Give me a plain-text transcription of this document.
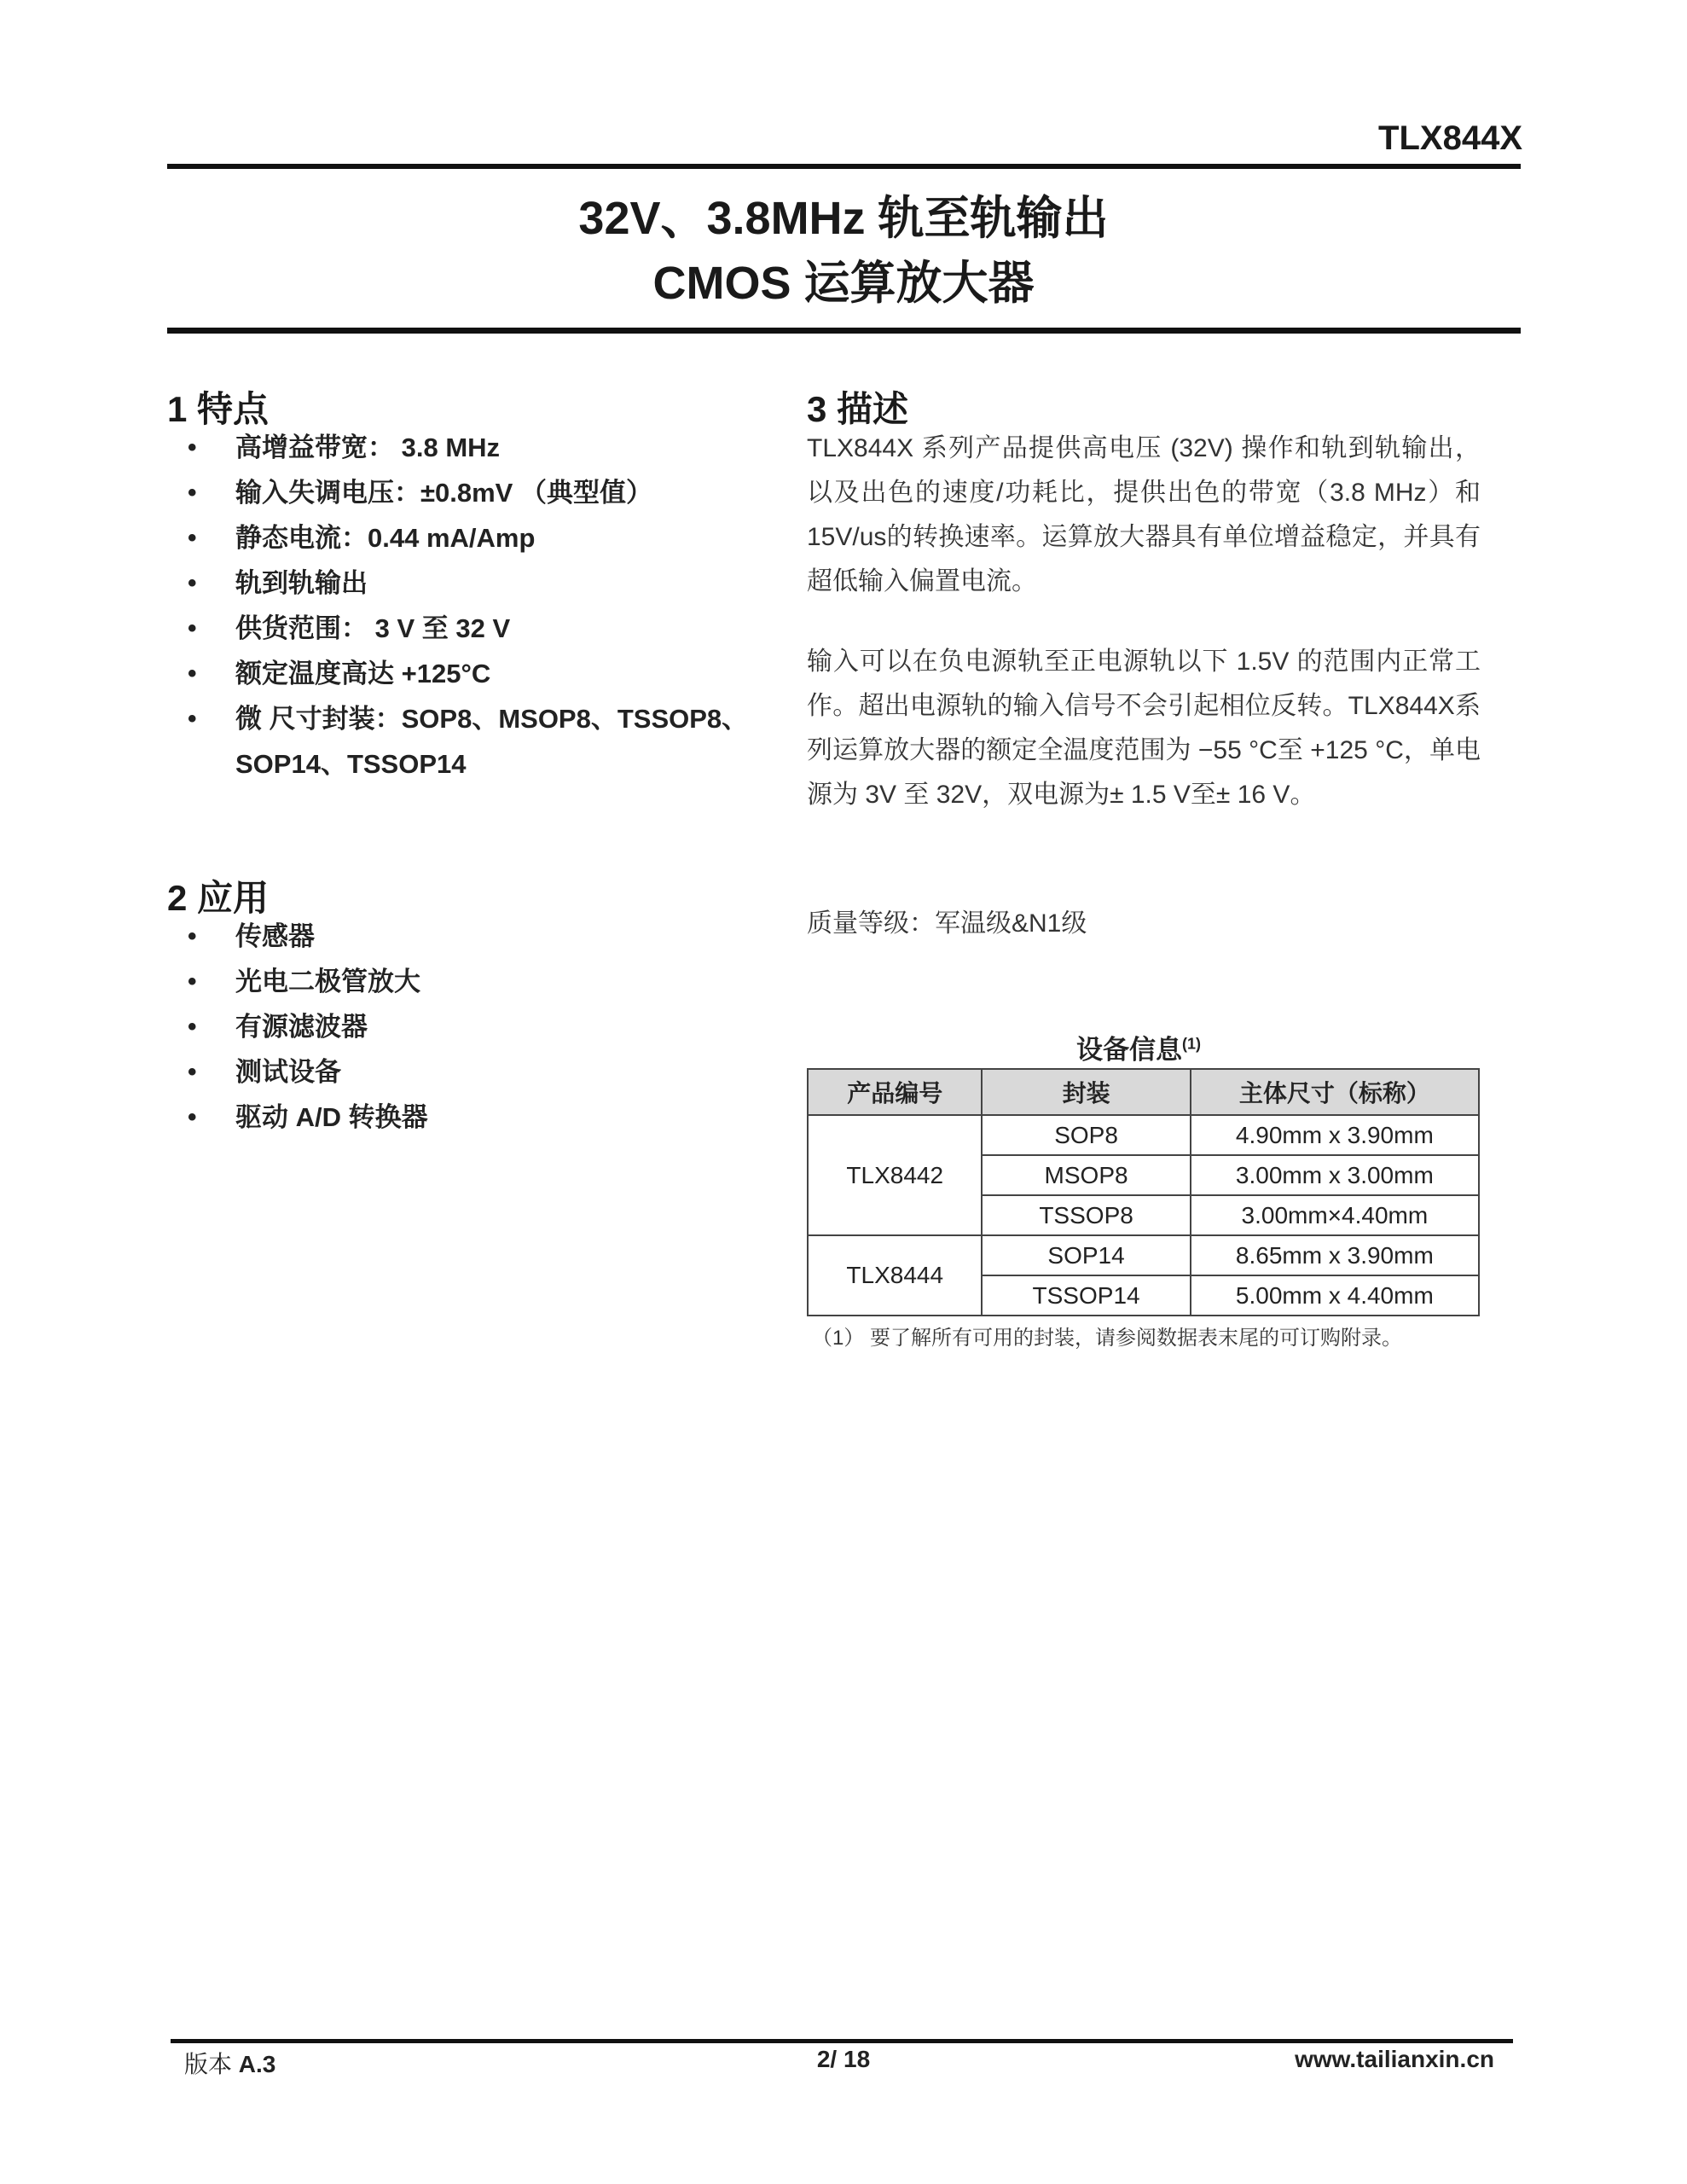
TLX844X
32V、3.8MHz 轨至轨输出
CMOS 运算放大器
1 特点
• 高增益带宽： 3.8 MHz
• 输入失调电压：±0.8mV （典型值）
• 静态电流：0.44 mA/Amp
• 轨到轨输出
• 供货范围： 3 V 至 32 V
• 额定温度高达 +125°C
• 微 尺寸封装：SOP8、MSOP8、TSSOP8、SOP14、TSSOP14
2 应用
• 传感器
• 光电二极管放大
• 有源滤波器
• 测试设备
• 驱动 A/D 转换器
3 描述
TLX844X 系列产品提供高电压 (32V) 操作和轨到轨输出，以及出色的速度/功耗比，提供出色的带宽（3.8 MHz）和 15V/us的转换速率。运算放大器具有单位增益稳定，并具有超低输入偏置电流。
输入可以在负电源轨至正电源轨以下 1.5V 的范围内正常工作。超出电源轨的输入信号不会引起相位反转。TLX844X系列运算放大器的额定全温度范围为 −55 °C至 +125 °C，单电源为 3V 至 32V，双电源为± 1.5 V至± 16 V。
质量等级：军温级&N1级
设备信息$^{(1)}$
产品编号	封装	主体尺寸（标称）
TLX8442	SOP8	4.90mm x 3.90mm
	MSOP8	3.00mm x 3.00mm
	TSSOP8	3.00mm×4.40mm
TLX8444	SOP14	8.65mm x 3.90mm
	TSSOP14	5.00mm x 4.40mm
（1） 要了解所有可用的封装，请参阅数据表末尾的可订购附录。
版本 A.3	2/ 18	www.tailianxin.cn
